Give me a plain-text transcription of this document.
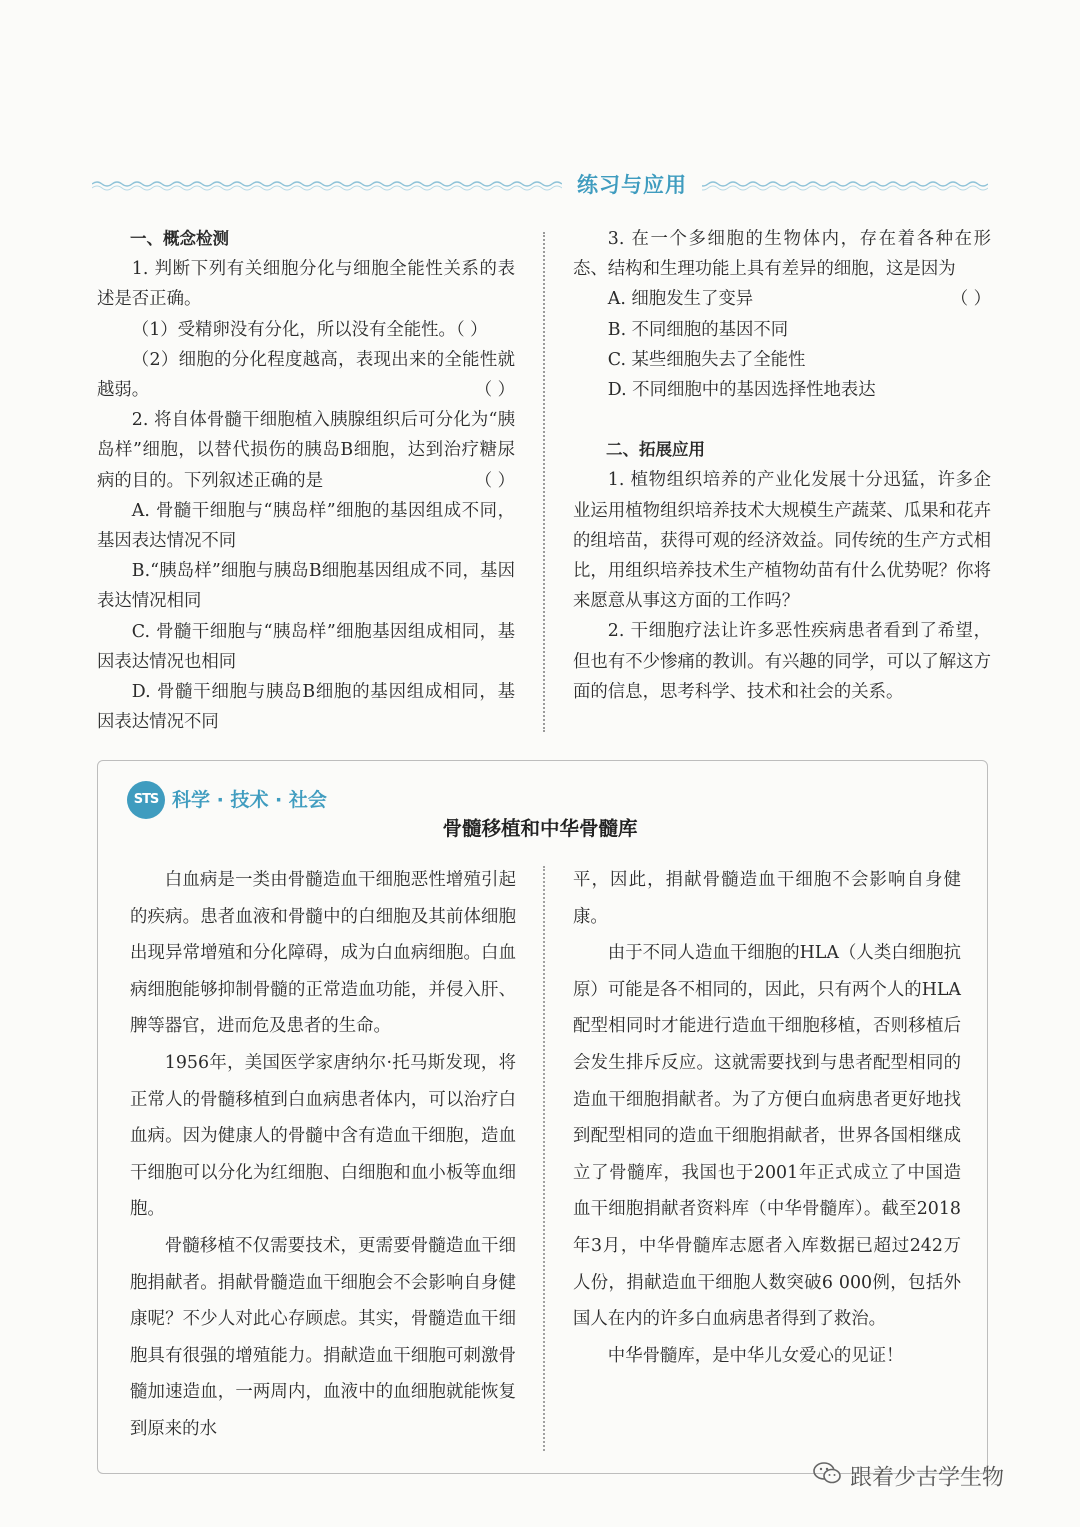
练习与应用

一、概念检测

1. 判断下列有关细胞分化与细胞全能性关系的表述是否正确。

（1）受精卵没有分化，所以没有全能性。（ ）

（2）细胞的分化程度越高，表现出来的全能性就越弱。	（ ）

2. 将自体骨髓干细胞植入胰腺组织后可分化为“胰岛样”细胞，以替代损伤的胰岛B细胞，达到治疗糖尿病的目的。下列叙述正确的是	（ ）

A. 骨髓干细胞与“胰岛样”细胞的基因组成不同，基因表达情况不同

B.“胰岛样”细胞与胰岛B细胞基因组成不同，基因表达情况相同

C. 骨髓干细胞与“胰岛样”细胞基因组成相同，基因表达情况也相同

D. 骨髓干细胞与胰岛B细胞的基因组成相同，基因表达情况不同

3. 在一个多细胞的生物体内，存在着各种在形态、结构和生理功能上具有差异的细胞，这是因为
（ ）

A. 细胞发生了变异

B. 不同细胞的基因不同

C. 某些细胞失去了全能性

D. 不同细胞中的基因选择性地表达

二、拓展应用

1. 植物组织培养的产业化发展十分迅猛，许多企业运用植物组织培养技术大规模生产蔬菜、瓜果和花卉的组培苗，获得可观的经济效益。同传统的生产方式相比，用组织培养技术生产植物幼苗有什么优势呢？你将来愿意从事这方面的工作吗？

2. 干细胞疗法让许多恶性疾病患者看到了希望，但也有不少惨痛的教训。有兴趣的同学，可以了解这方面的信息，思考科学、技术和社会的关系。

STS 科学 · 技术 · 社会
骨髓移植和中华骨髓库

白血病是一类由骨髓造血干细胞恶性增殖引起的疾病。患者血液和骨髓中的白细胞及其前体细胞出现异常增殖和分化障碍，成为白血病细胞。白血病细胞能够抑制骨髓的正常造血功能，并侵入肝、脾等器官，进而危及患者的生命。

1956年，美国医学家唐纳尔·托马斯发现，将正常人的骨髓移植到白血病患者体内，可以治疗白血病。因为健康人的骨髓中含有造血干细胞，造血干细胞可以分化为红细胞、白细胞和血小板等血细胞。

骨髓移植不仅需要技术，更需要骨髓造血干细胞捐献者。捐献骨髓造血干细胞会不会影响自身健康呢？不少人对此心存顾虑。其实，骨髓造血干细胞具有很强的增殖能力。捐献造血干细胞可刺激骨髓加速造血，一两周内，血液中的血细胞就能恢复到原来的水

平，因此，捐献骨髓造血干细胞不会影响自身健康。

由于不同人造血干细胞的HLA（人类白细胞抗原）可能是各不相同的，因此，只有两个人的HLA配型相同时才能进行造血干细胞移植，否则移植后会发生排斥反应。这就需要找到与患者配型相同的造血干细胞捐献者。为了方便白血病患者更好地找到配型相同的造血干细胞捐献者，世界各国相继成立了骨髓库，我国也于2001年正式成立了中国造血干细胞捐献者资料库（中华骨髓库）。截至2018年3月，中华骨髓库志愿者入库数据已超过242万人份，捐献造血干细胞人数突破6 000例，包括外国人在内的许多白血病患者得到了救治。

中华骨髓库，是中华儿女爱心的见证！

跟着少古学生物
